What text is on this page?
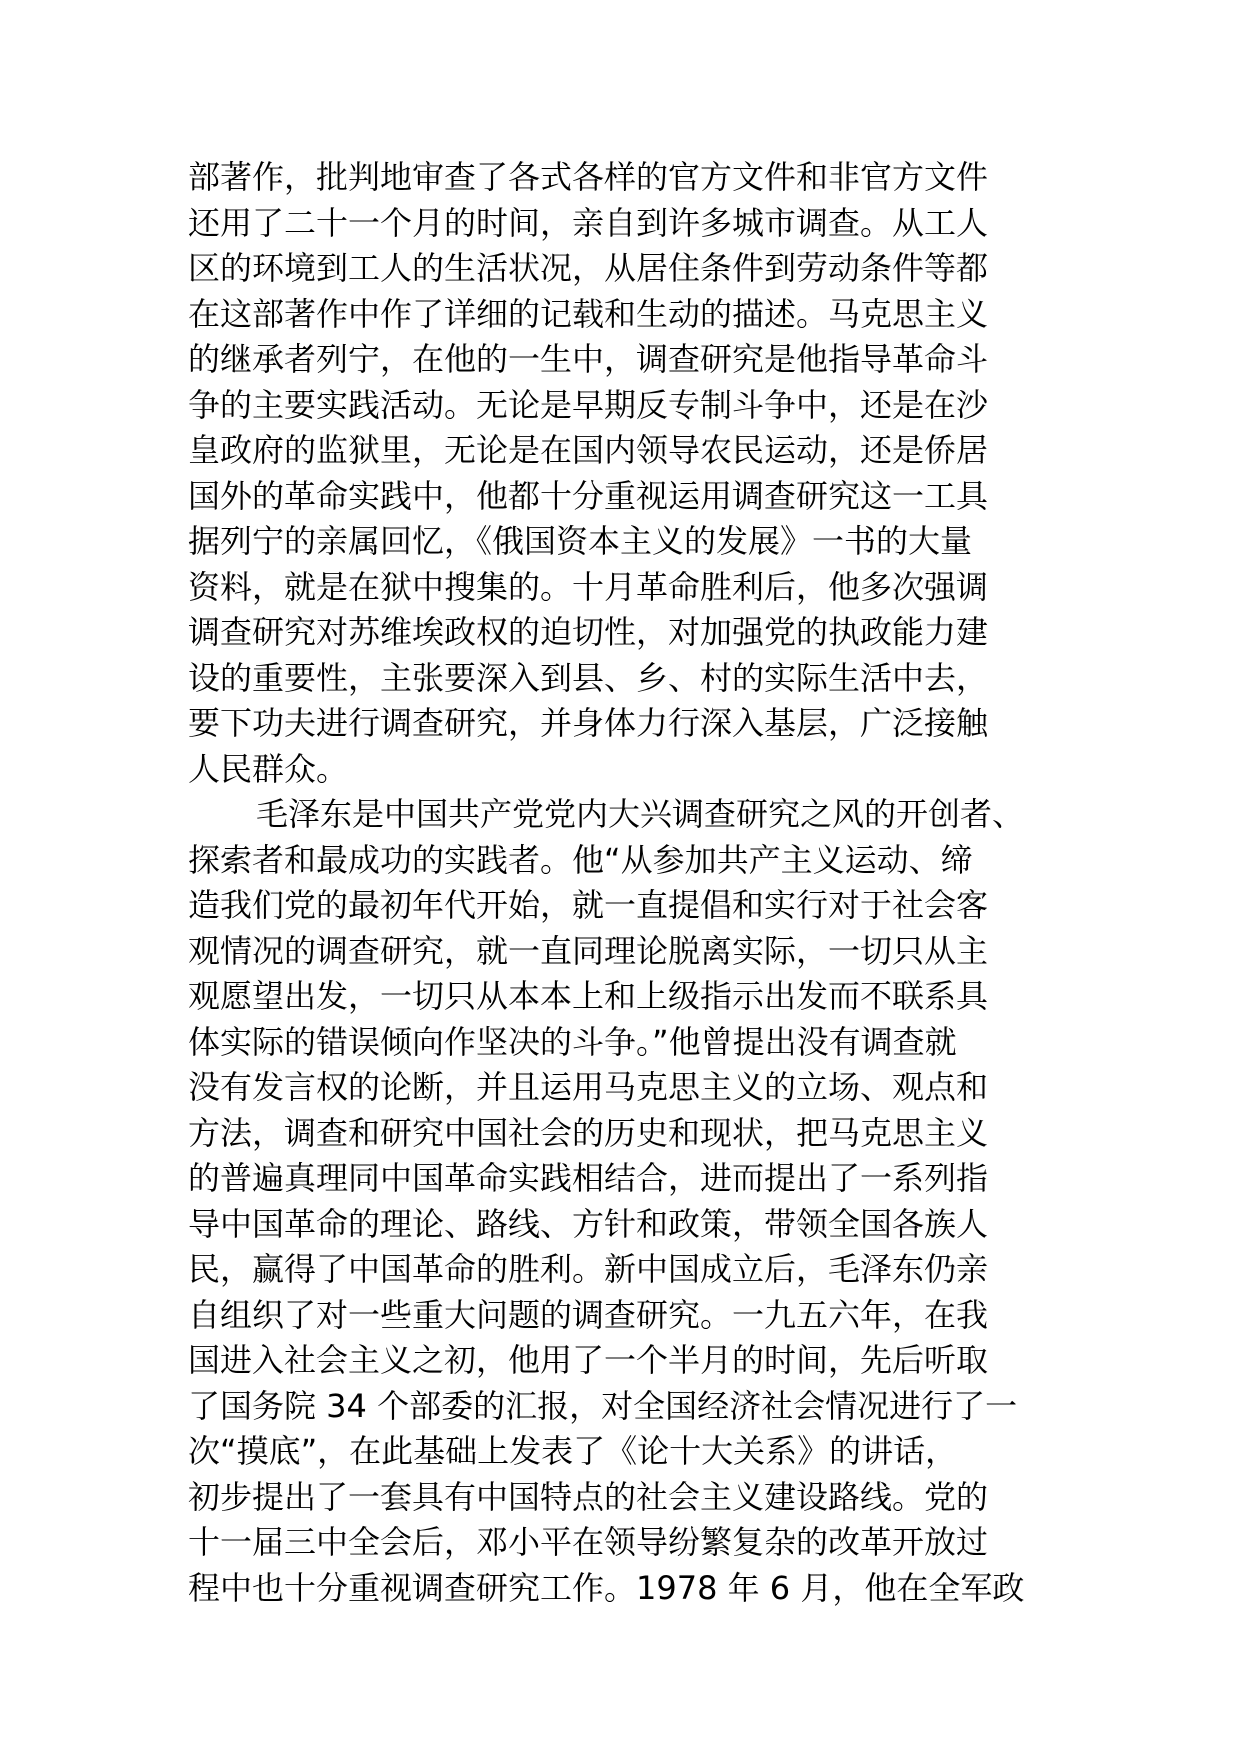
部著作，批判地审查了各式各样的官方文件和非官方文件
还用了二十一个月的时间，亲自到许多城市调查。从工人
区的环境到工人的生活状况，从居住条件到劳动条件等都
在这部著作中作了详细的记载和生动的描述。马克思主义
的继承者列宁，在他的一生中，调查研究是他指导革命斗
争的主要实践活动。无论是早期反专制斗争中，还是在沙
皇政府的监狱里，无论是在国内领导农民运动，还是侨居
国外的革命实践中，他都十分重视运用调查研究这一工具
据列宁的亲属回忆，《俄国资本主义的发展》一书的大量
资料，就是在狱中搜集的。十月革命胜利后，他多次强调
调查研究对苏维埃政权的迫切性，对加强党的执政能力建
设的重要性，主张要深入到县、乡、村的实际生活中去，
要下功夫进行调查研究，并身体力行深入基层，广泛接触
人民群众。
毛泽东是中国共产党党内大兴调查研究之风的开创者、
探索者和最成功的实践者。他“从参加共产主义运动、缔
造我们党的最初年代开始，就一直提倡和实行对于社会客
观情况的调查研究，就一直同理论脱离实际，一切只从主
观愿望出发，一切只从本本上和上级指示出发而不联系具
体实际的错误倾向作坚决的斗争。”他曾提出没有调查就
没有发言权的论断，并且运用马克思主义的立场、观点和
方法，调查和研究中国社会的历史和现状，把马克思主义
的普遍真理同中国革命实践相结合，进而提出了一系列指
导中国革命的理论、路线、方针和政策，带领全国各族人
民，赢得了中国革命的胜利。新中国成立后，毛泽东仍亲
自组织了对一些重大问题的调查研究。一九五六年，在我
国进入社会主义之初，他用了一个半月的时间，先后听取
了国务院 34 个部委的汇报，对全国经济社会情况进行了一
次“摸底”，在此基础上发表了《论十大关系》的讲话，
初步提出了一套具有中国特点的社会主义建设路线。党的
十一届三中全会后，邓小平在领导纷繁复杂的改革开放过
程中也十分重视调查研究工作。1978 年 6 月，他在全军政
